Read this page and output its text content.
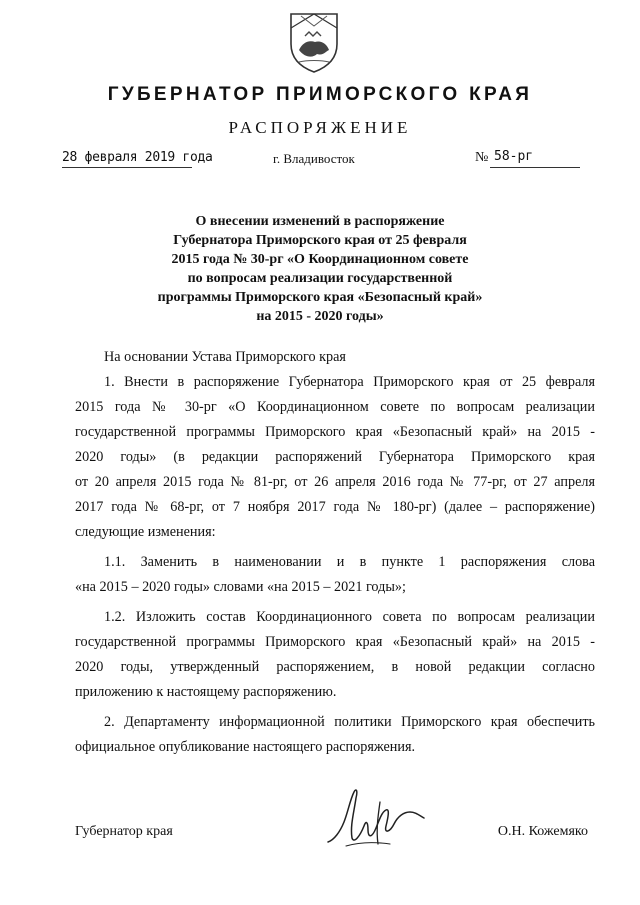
ГУБЕРНАТОР ПРИМОРСКОГО КРАЯ
РАСПОРЯЖЕНИЕ
28 февраля 2019 года	г. Владивосток	№ 58-рг
О внесении изменений в распоряжение
Губернатора Приморского края от 25 февраля
2015 года № 30-рг «О Координационном совете
по вопросам реализации государственной
программы Приморского края «Безопасный край»
на 2015 - 2020 годы»

На основании Устава Приморского края

1. Внести в распоряжение Губернатора Приморского края от 25 февраля
2015 года № 30-рг «О Координационном совете по вопросам реализации
государственной программы Приморского края «Безопасный край» на 2015 -
2020 годы» (в редакции распоряжений Губернатора Приморского края
от 20 апреля 2015 года № 81-рг, от 26 апреля 2016 года № 77-рг, от 27 апреля
2017 года № 68-рг, от 7 ноября 2017 года № 180-рг) (далее – распоряжение)
следующие изменения:

1.1. Заменить в наименовании и в пункте 1 распоряжения слова
«на 2015 – 2020 годы» словами «на 2015 – 2021 годы»;

1.2. Изложить состав Координационного совета по вопросам реализации
государственной программы Приморского края «Безопасный край» на 2015 -
2020 годы, утвержденный распоряжением, в новой редакции согласно
приложению к настоящему распоряжению.

2. Департаменту информационной политики Приморского края обеспечить
официальное опубликование настоящего распоряжения.

Губернатор края	О.Н. Кожемяко
